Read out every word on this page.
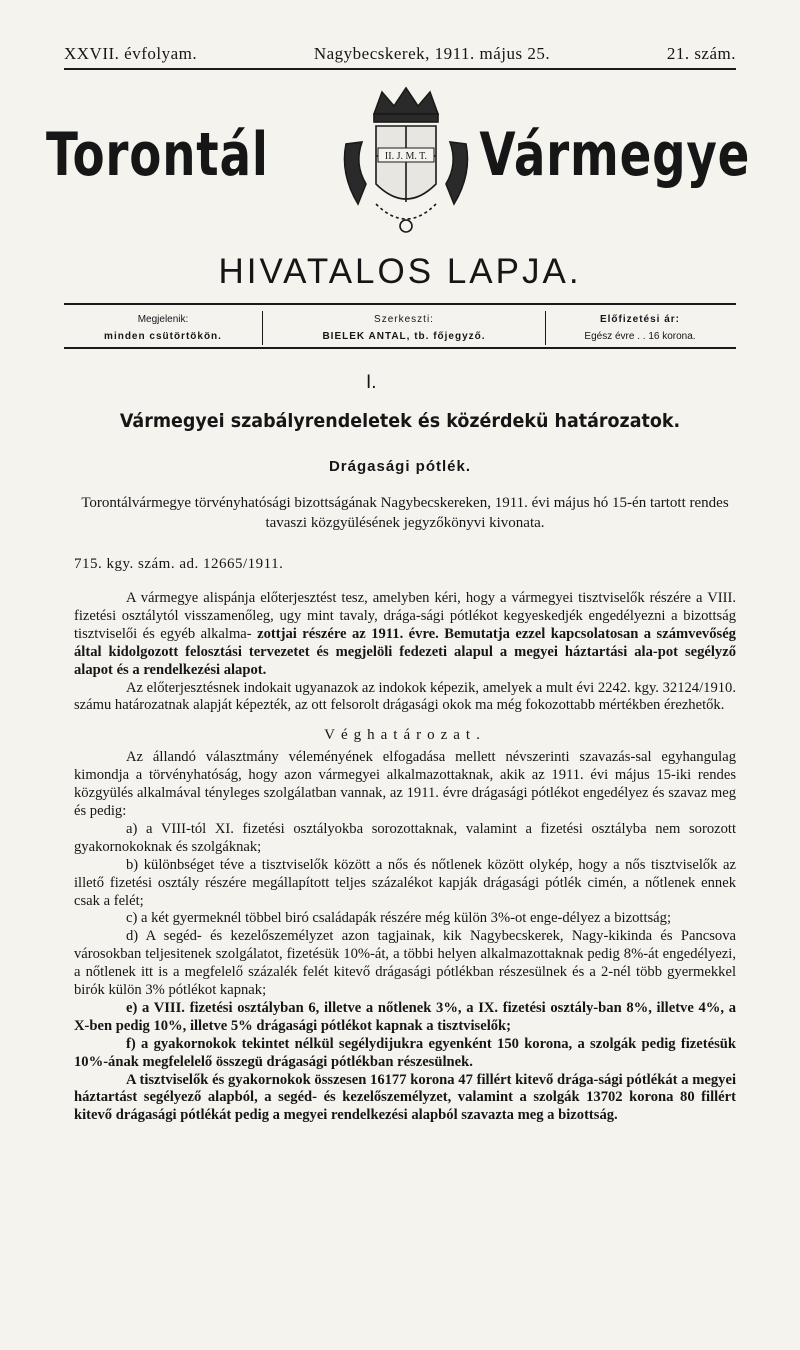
XXVII. évfolyam.	Nagybecskerek, 1911. május 25.	21. szám.
Torontál	II. J. M. T. Vármegye
HIVATALOS LAPJA.
Megjelenik:
minden csütörtökön.
Szerkeszti:
BIELEK ANTAL, tb. főjegyző.
Előfizetési ár:
Egész évre . . 16 korona.
I.
Vármegyei szabályrendeletek és közérdekü határozatok.
Drágasági pótlék.
Torontálvármegye törvényhatósági bizottságának Nagybecskereken, 1911. évi május hó 15-én tartott rendes tavaszi közgyülésének jegyzőkönyvi kivonata.
715. kgy. szám. ad. 12665/1911.

A vármegye alispánja előterjesztést tesz, amelyben kéri, hogy a vármegyei tisztviselők részére a VIII. fizetési osztálytól visszamenőleg, ugy mint tavaly, drága-sági pótlékot kegyeskedjék engedélyezni a bizottság tisztviselői és egyéb alkalma- zottjai részére az 1911. évre. Bemutatja ezzel kapcsolatosan a számvevőség által kidolgozott felosztási tervezetet és megjelöli fedezeti alapul a megyei háztartási ala-pot segélyző alapot és a rendelkezési alapot.

Az előterjesztésnek indokait ugyanazok az indokok képezik, amelyek a mult évi 2242. kgy. 32124/1910. számu határozatnak alapját képezték, az ott felsorolt drágasági okok ma még fokozottabb mértékben érezhetők.

Véghatározat.

Az állandó választmány véleményének elfogadása mellett névszerinti szavazás-sal egyhangulag kimondja a törvényhatóság, hogy azon vármegyei alkalmazottaknak, akik az 1911. évi május 15-iki rendes közgyülés alkalmával tényleges szolgálatban vannak, az 1911. évre drágasági pótlékot engedélyez és szavaz meg és pedig:

a) a VIII-tól XI. fizetési osztályokba sorozottaknak, valamint a fizetési osztályba nem sorozott gyakornokoknak és szolgáknak;

b) különbséget téve a tisztviselők között a nős és nőtlenek között olykép, hogy a nős tisztviselők az illető fizetési osztály részére megállapított teljes százalékot kapják drágasági pótlék cimén, a nőtlenek ennek csak a felét;

c) a két gyermeknél többel biró családapák részére még külön 3%-ot enge-délyez a bizottság;

d) A segéd- és kezelőszemélyzet azon tagjainak, kik Nagybecskerek, Nagy-kikinda és Pancsova városokban teljesitenek szolgálatot, fizetésük 10%-át, a többi helyen alkalmazottaknak pedig 8%-át engedélyezi, a nőtlenek itt is a megfelelő százalék felét kitevő drágasági pótlékban részesülnek és a 2-nél több gyermekkel birók külön 3% pótlékot kapnak;

e) a VIII. fizetési osztályban 6, illetve a nőtlenek 3%, a IX. fizetési osztály-ban 8%, illetve 4%, a X-ben pedig 10%, illetve 5% drágasági pótlékot kapnak a tisztviselők;

f) a gyakornokok tekintet nélkül segélydijukra egyenként 150 korona, a szolgák pedig fizetésük 10%-ának megfelelelő összegü drágasági pótlékban részesülnek.

A tisztviselők és gyakornokok összesen 16177 korona 47 fillért kitevő drága-sági pótlékát a megyei háztartást segélyező alapból, a segéd- és kezelőszemélyzet, valamint a szolgák 13702 korona 80 fillért kitevő drágasági pótlékát pedig a megyei rendelkezési alapból szavazta meg a bizottság.
